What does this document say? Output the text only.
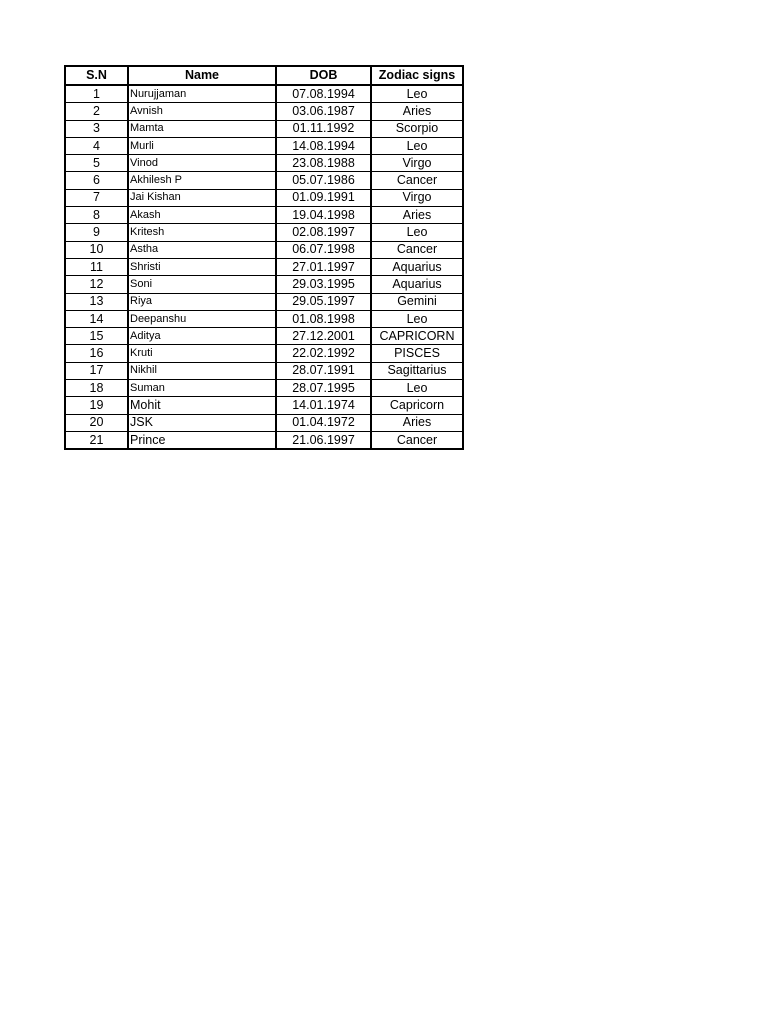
S.N	Name	DOB	Zodiac signs
1	Nurujjaman	07.08.1994	Leo
2	Avnish	03.06.1987	Aries
3	Mamta	01.11.1992	Scorpio
4	Murli	14.08.1994	Leo
5	Vinod	23.08.1988	Virgo
6	Akhilesh P	05.07.1986	Cancer
7	Jai Kishan	01.09.1991	Virgo
8	Akash	19.04.1998	Aries
9	Kritesh	02.08.1997	Leo
10	Astha	06.07.1998	Cancer
11	Shristi	27.01.1997	Aquarius
12	Soni	29.03.1995	Aquarius
13	Riya	29.05.1997	Gemini
14	Deepanshu	01.08.1998	Leo
15	Aditya	27.12.2001	CAPRICORN
16	Kruti	22.02.1992	PISCES
17	Nikhil	28.07.1991	Sagittarius
18	Suman	28.07.1995	Leo
19	Mohit	14.01.1974	Capricorn
20	JSK	01.04.1972	Aries
21	Prince	21.06.1997	Cancer
